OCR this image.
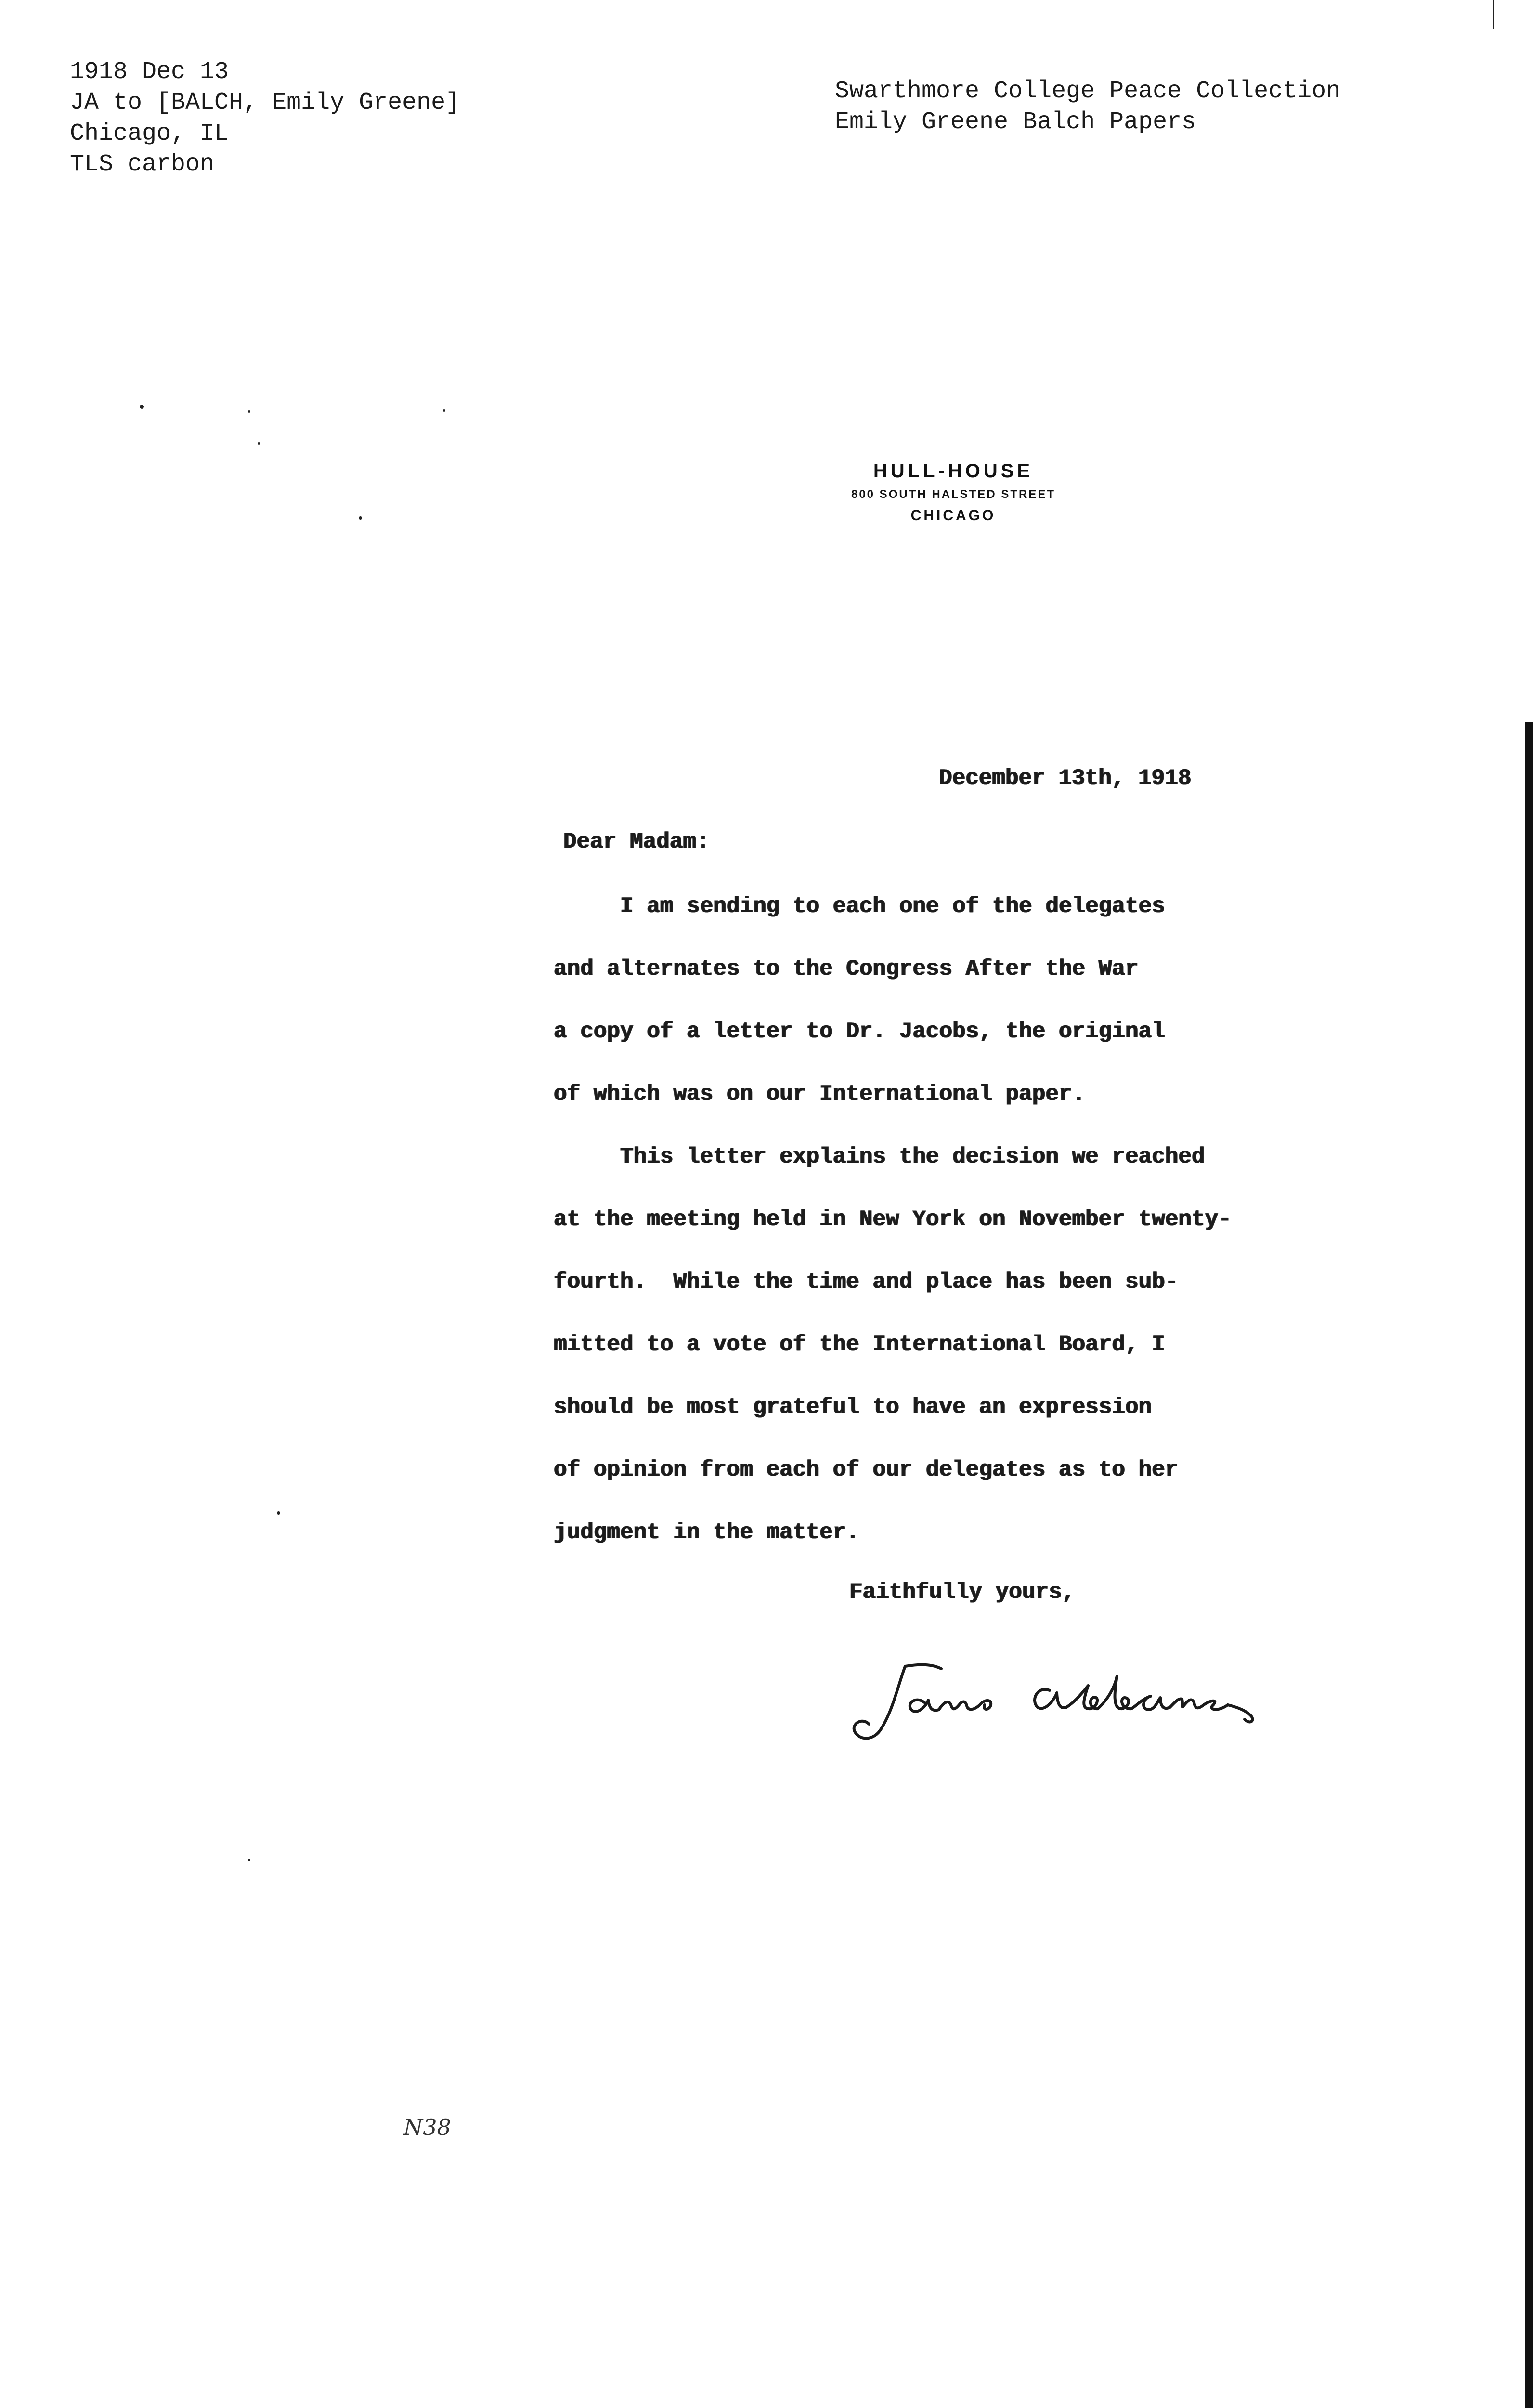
1918 Dec 13
JA to [BALCH, Emily Greene]
Chicago, IL
TLS carbon
Swarthmore College Peace Collection
Emily Greene Balch Papers
HULL-HOUSE
800 SOUTH HALSTED STREET
CHICAGO
December 13th, 1918
Dear Madam:
I am sending to each one of the delegates
and alternates to the Congress After the War
a copy of a letter to Dr. Jacobs, the original
of which was on our International paper.
This letter explains the decision we reached
at the meeting held in New York on November twenty-
fourth.  While the time and place has been sub-
mitted to a vote of the International Board, I
should be most grateful to have an expression
of opinion from each of our delegates as to her
judgment in the matter.
Faithfully yours,
N38
